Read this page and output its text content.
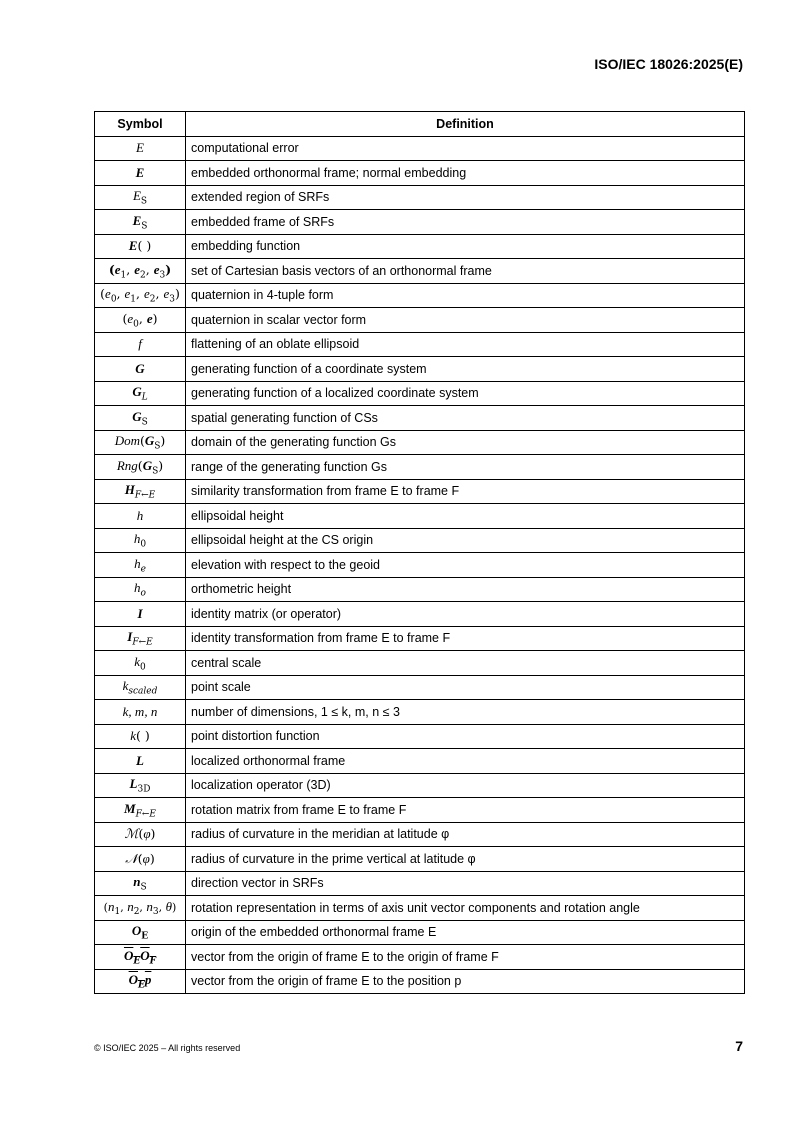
ISO/IEC 18026:2025(E)
Symbol	Definition
E	computational error
E	embedded orthonormal frame; normal embedding
$E_S$	extended region of SRFs
$E_S$	embedded frame of SRFs
E( )	embedding function
($e_1$, $e_2$, $e_3$)	set of Cartesian basis vectors of an orthonormal frame
($e_0$, $e_1$, $e_2$, $e_3$)	quaternion in 4-tuple form
($e_0$, e)	quaternion in scalar vector form
f	flattening of an oblate ellipsoid
G	generating function of a coordinate system
$G_L$	generating function of a localized coordinate system
$G_S$	spatial generating function of CSs
$Dom(G_S)$	domain of the generating function Gs
$Rng(G_S)$	range of the generating function Gs
$H_{F\leftarrow E}$	similarity transformation from frame E to frame F
h	ellipsoidal height
$h_0$	ellipsoidal height at the CS origin
$h_e$	elevation with respect to the geoid
$h_o$	orthometric height
I	identity matrix (or operator)
$I_{F\leftarrow E}$	identity transformation from frame E to frame F
$k_0$	central scale
$k_{scaled}$	point scale
k, m, n	number of dimensions, 1 ≤ k, m, n ≤ 3
k( )	point distortion function
L	localized orthonormal frame
$L_{3D}$	localization operator (3D)
$M_{F\leftarrow E}$	rotation matrix from frame E to frame F
ℳ(φ)	radius of curvature in the meridian at latitude φ
𝒩(φ)	radius of curvature in the prime vertical at latitude φ
$n_S$	direction vector in SRFs
($n_1$, $n_2$, $n_3$, θ)	rotation representation in terms of axis unit vector components and rotation angle
$O_E$	origin of the embedded orthonormal frame E
$O_EO_F$	vector from the origin of frame E to the origin of frame F
$O_Ep$	vector from the origin of frame E to the position p
© ISO/IEC 2025 – All rights reserved	7
